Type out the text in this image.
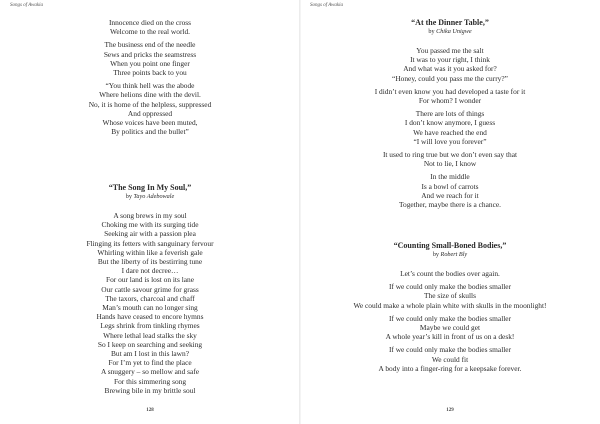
Songs of Awakia
Innocence died on the cross
Welcome to the real world.
The business end of the needle
Sews and pricks the seamstress
When you point one finger
Three points back to you
“You think hell was the abode
Where helions dine with the devil.
No, it is home of the helpless, suppressed
And oppressed
Whose voices have been muted,
By politics and the bullet”
“The Song In My Soul,”
by Tayo Adebowale
A song brews in my soul
Choking me with its surging tide
Seeking air with a passion plea
Flinging its fetters with sanguinary fervour
Whirling within like a feverish gale
But the liberty of its bestirring tune
I dare not decree…
For our land is lost on its lane
Our cattle savour grime for grass
The taxors, charcoal and chaff
Man’s mouth can no longer sing
Hands have ceased to encore hymns
Legs shrink from tinkling rhymes
Where lethal lead stalks the sky
So I keep on searching and seeking
But am I lost in this lawn?
For I’m yet to find the place
A snuggery – so mellow and safe
For this simmering song
Brewing bile in my brittle soul
128
Songs of Awakia
“At the Dinner Table,”
by Chika Unigwe
You passed me the salt
It was to your right, I think
And what was it you asked for?
“Honey, could you pass me the curry?”
I didn’t even know you had developed a taste for it
For whom? I wonder
There are lots of things
I don’t know anymore, I guess
We have reached the end
“I will love you forever”
It used to ring true but we don’t even say that
Not to lie, I know
In the middle
Is a bowl of carrots
And we reach for it
Together, maybe there is a chance.
“Counting Small-Boned Bodies,”
by Robert Bly
Let’s count the bodies over again.
If we could only make the bodies smaller
The size of skulls
We could make a whole plain white with skulls in the moonlight!
If we could only make the bodies smaller
Maybe we could get
A whole year’s kill in front of us on a desk!
If we could only make the bodies smaller
We could fit
A body into a finger-ring for a keepsake forever.
129
